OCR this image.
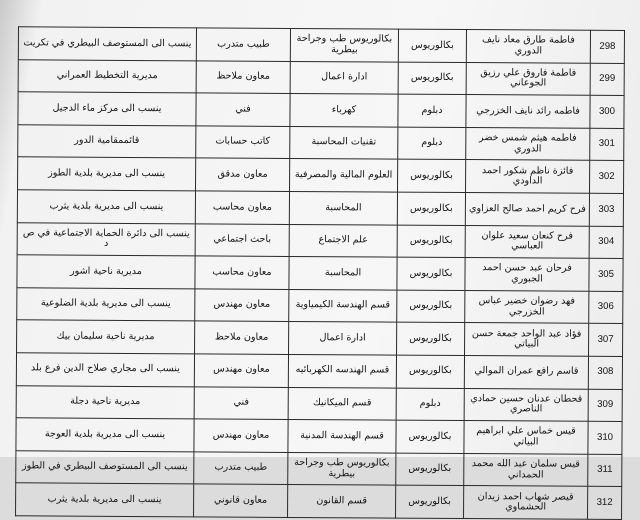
298	فاطمة طارق معاد نايف الدوري	بكالوريوس	بكالوريوس طب وجراحة بيطرية	طبيب متدرب	ينسب الى المستوصف البيطري في تكريت
299	فاطمة فاروق علي رزيق الجوعاني	بكالوريوس	ادارة اعمال	معاون ملاحظ	مديرية التخطيط العمراني
300	فاطمه رائد نايف الخزرجي	دبلوم	كهرباء	فني	ينسب الى مركز ماء الدجيل
301	فاطمه هيثم شمس خضر الدوري	دبلوم	تقنيات المحاسبة	كاتب حسابات	قائممقامية الدور
302	فائزة ناظم شكور احمد الداودي	بكالوريوس	العلوم المالية والمصرفية	معاون مدقق	ينسب الى مديرية بلدية الطوز
303	فرح كريم احمد صالح العزاوي	بكالوريوس	المحاسبة	معاون محاسب	ينسب الى مديرية بلدية يثرب
304	فرح كنعان سعيد علوان العباسي	بكالوريوس	علم الاجتماع	باحث اجتماعي	ينسب الى دائرة الحماية الاجتماعية في ص د
305	فرحان عبد حسن احمد الجبوري	بكالوريوس	المحاسبة	معاون محاسب	مديرية ناحية اشور
306	فهد رضوان خضير عباس الخزرجي	بكالوريوس	قسم الهندسة الكيمياوية	معاون مهندس	ينسب الى مديرية بلدية الضلوعية
307	فؤاد عبد الواحد جمعة حسن البياتي	بكالوريوس	ادارة اعمال	معاون ملاحظ	مديرية ناحية سليمان بيك
308	قاسم رافع عمران الموالي	بكالوريوس	قسم الهندسه الكهربائيه	معاون مهندس	ينسب الى مجاري صلاح الدين فرع بلد
309	قحطان عدنان حسين حمادي الناصري	دبلوم	قسم الميكانيك	فني	مديرية ناحية دجلة
310	قيس خماس علي ابراهيم البياتي	بكالوريوس	قسم الهندسة المدنية	معاون مهندس	ينسب الى مديرية بلدية العوجة
311	قيس سلمان عبد الله محمد الحمداني	بكالوريوس	بكالوريوس طب وجراحة بيطرية	طبيب متدرب	ينسب الى المستوصف البيطري في الطوز
312	قيصر شهاب احمد زيدان الحشماوي	بكالوريوس	قسم القانون	معاون قانوني	ينسب الى مديرية بلدية يثرب
